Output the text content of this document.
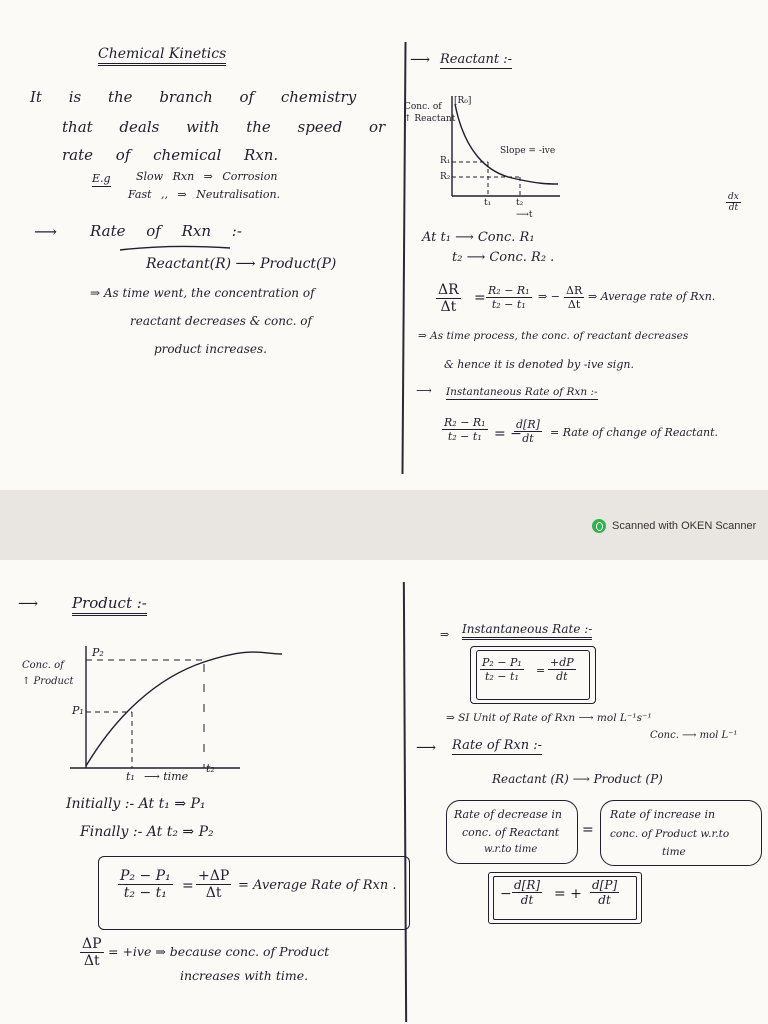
Chemical Kinetics
It is the branch of chemistry
that deals with the speed or
rate of chemical Rxn.
E.g Slow Rxn ⇒ Corrosion
Fast ,, ⇒ Neutralisation.
⟶ Rate of Rxn :-
Reactant(R) ⟶ Product(P)
⇒ As time went, the concentration of
reactant decreases & conc. of
product increases.
⟶ Reactant :-
Conc. of
↑ Reactant
[R₀]
R₁
R₂
Slope = -ive
t₁	t₂
⟶t
$\frac{dx}{dt}$
At t₁ ⟶ Conc. R₁
t₂ ⟶ Conc. R₂ .
$\frac{\Delta R}{\Delta t} = \frac{\text{R₂ − R₁}}{\text{t₂ − t₁}}$ ⇒ − $\frac{\Delta R}{\Delta t}$ ⇒ Average rate of Rxn.
⇒ As time process, the conc. of reactant decreases
& hence it is denoted by -ive sign.
⟶ Instantaneous Rate of Rxn :-
$\frac{\text{R₂ − R₁}}{\text{t₂ − t₁}}$ = −
$\frac{d[R]}{dt}$ = Rate of change of Reactant.
Scanned with OKEN Scanner
⟶ Product :-
Conc. of
↑ Product
P₂
P₁
t₁ ⟶ time
t₂
Initially :- At t₁ ⇒ P₁
Finally :- At t₂ ⇒ P₂
$\frac{\text{P₂ − P₁}}{\text{t₂ − t₁}} = \frac{+\Delta P}{\Delta t}$ = Average Rate of Rxn .
$\frac{\Delta P}{\Delta t} = +ive$ ⇒ because conc. of Product
increases with time.
⇒ Instantaneous Rate :-
$\frac{\text{P₂ − P₁}}{\text{t₂ − t₁}} = \frac{+dP}{dt}$
⇒ SI Unit of Rate of Rxn ⟶ mol L⁻¹s⁻¹
Conc. ⟶ mol L⁻¹
⟶ Rate of Rxn :-
Reactant (R) ⟶ Product (P)
Rate of decrease in
conc. of Reactant
w.r.to time
=
Rate of increase in
conc. of Product w.r.to
time
− $\frac{d[R]}{dt}$ = + $\frac{d[P]}{dt}$
